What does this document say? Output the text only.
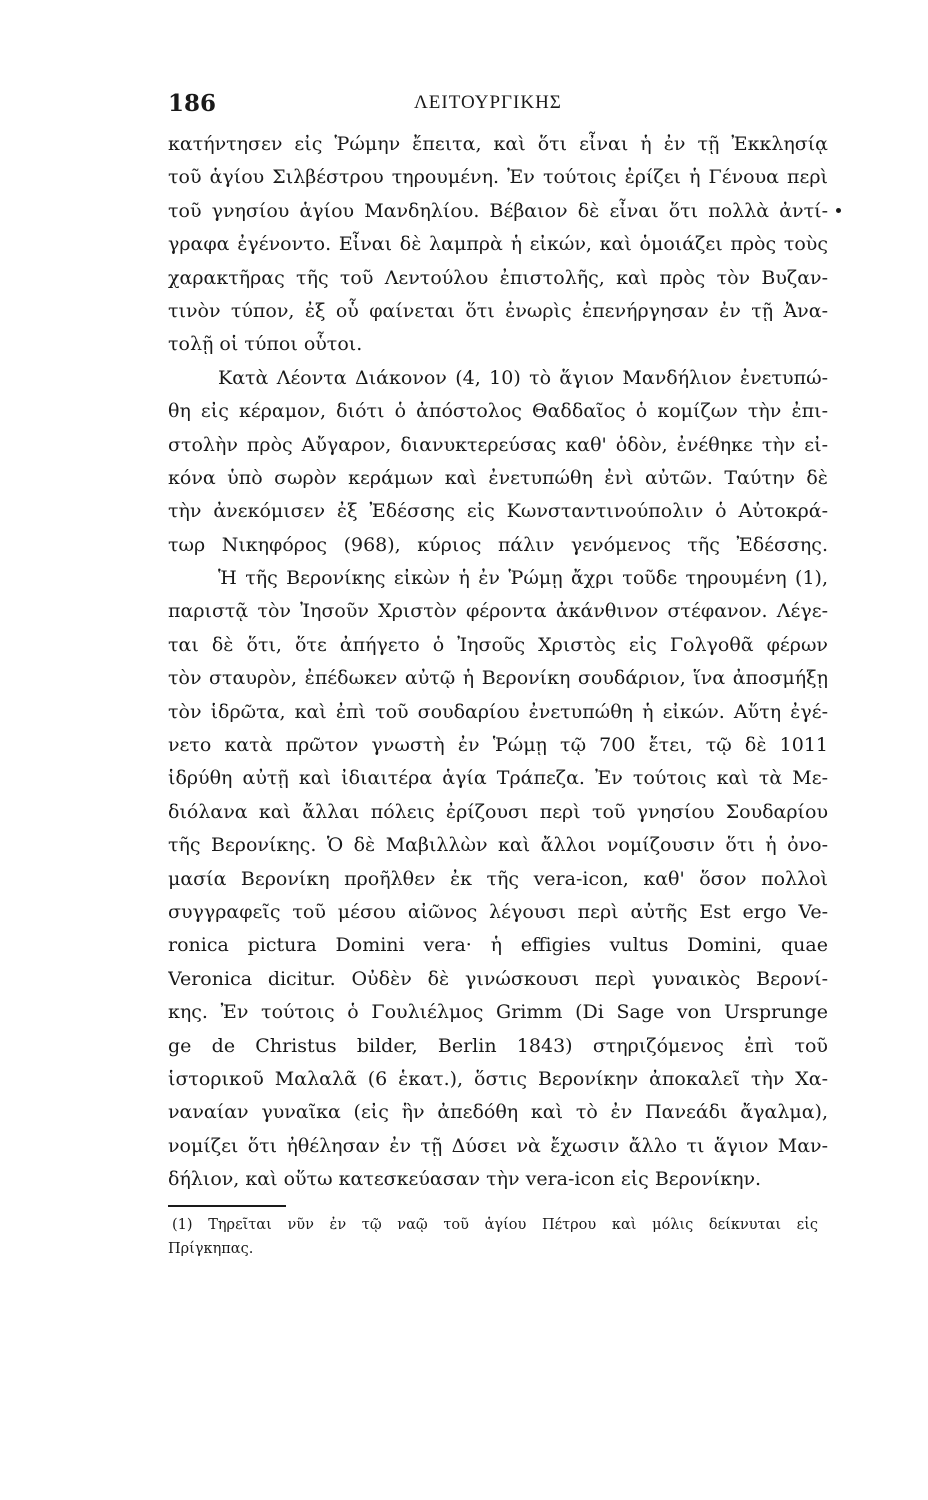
186	ΛΕΙΤΟΥΡΓΙΚΗΣ
κατήντησεν εἰς Ῥώμην ἔπειτα, καὶ ὅτι εἶναι ἡ ἐν τῇ Ἐκκλησίᾳ
τοῦ ἁγίου Σιλβέστρου τηρουμένη. Ἐν τούτοις ἐρίζει ἡ Γένουα περὶ
τοῦ γνησίου ἁγίου Μανδηλίου. Βέβαιον δὲ εἶναι ὅτι πολλὰ ἀντί-
γραφα ἐγένοντο. Εἶναι δὲ λαμπρὰ ἡ εἰκών, καὶ ὁμοιάζει πρὸς τοὺς
χαρακτῆρας τῆς τοῦ Λεντούλου ἐπιστολῆς, καὶ πρὸς τὸν Βυζαν-
τινὸν τύπον, ἐξ οὗ φαίνεται ὅτι ἐνωρὶς ἐπενήργησαν ἐν τῇ Ἀνα-
τολῇ οἱ τύποι οὗτοι.
Κατὰ Λέοντα Διάκονον (4, 10) τὸ ἅγιον Μανδήλιον ἐνετυπώ-
θη εἰς κέραμον, διότι ὁ ἀπόστολος Θαδδαῖος ὁ κομίζων τὴν ἐπι-
στολὴν πρὸς Αὔγαρον, διανυκτερεύσας καθ' ὁδὸν, ἐνέθηκε τὴν εἰ-
κόνα ὑπὸ σωρὸν κεράμων καὶ ἐνετυπώθη ἐνὶ αὐτῶν. Ταύτην δὲ
τὴν ἀνεκόμισεν ἐξ Ἐδέσσης εἰς Κωνσταντινούπολιν ὁ Αὐτοκρά-
τωρ Νικηφόρος (968), κύριος πάλιν γενόμενος τῆς Ἐδέσσης.
Ἡ τῆς Βερονίκης εἰκὼν ἡ ἐν Ῥώμῃ ἄχρι τοῦδε τηρουμένη (1),
παριστᾷ τὸν Ἰησοῦν Χριστὸν φέροντα ἀκάνθινον στέφανον. Λέγε-
ται δὲ ὅτι, ὅτε ἀπήγετο ὁ Ἰησοῦς Χριστὸς εἰς Γολγοθᾶ φέρων
τὸν σταυρὸν, ἐπέδωκεν αὐτῷ ἡ Βερονίκη σουδάριον, ἵνα ἀποσμήξῃ
τὸν ἱδρῶτα, καὶ ἐπὶ τοῦ σουδαρίου ἐνετυπώθη ἡ εἰκών. Αὕτη ἐγέ-
νετο κατὰ πρῶτον γνωστὴ ἐν Ῥώμῃ τῷ 700 ἔτει, τῷ δὲ 1011
ἱδρύθη αὐτῇ καὶ ἰδιαιτέρα ἁγία Τράπεζα. Ἐν τούτοις καὶ τὰ Με-
διόλανα καὶ ἄλλαι πόλεις ἐρίζουσι περὶ τοῦ γνησίου Σουδαρίου
τῆς Βερονίκης. Ὁ δὲ Μαβιλλὼν καὶ ἄλλοι νομίζουσιν ὅτι ἡ ὀνο-
μασία Βερονίκη προῆλθεν ἐκ τῆς vera-icon, καθ' ὅσον πολλοὶ
συγγραφεῖς τοῦ μέσου αἰῶνος λέγουσι περὶ αὐτῆς Est ergo Ve-
ronica pictura Domini vera· ἡ effigies vultus Domini, quae
Veronica dicitur. Οὐδὲν δὲ γινώσκουσι περὶ γυναικὸς Βερονί-
κης. Ἐν τούτοις ὁ Γουλιέλμος Grimm (Di Sage von Ursprunge
ge de Christus bilder, Berlin 1843) στηριζόμενος ἐπὶ τοῦ
ἱστορικοῦ Μαλαλᾶ (6 ἑκατ.), ὅστις Βερονίκην ἀποκαλεῖ τὴν Χα-
ναναίαν γυναῖκα (εἰς ἣν ἀπεδόθη καὶ τὸ ἐν Πανεάδι ἄγαλμα),
νομίζει ὅτι ἠθέλησαν ἐν τῇ Δύσει νὰ ἔχωσιν ἄλλο τι ἅγιον Μαν-
δήλιον, καὶ οὕτω κατεσκεύασαν τὴν vera-icon εἰς Βερονίκην.
(1) Τηρεῖται νῦν ἐν τῷ ναῷ τοῦ ἁγίου Πέτρου καὶ μόλις δείκνυται εἰς
Πρίγκηπας.
